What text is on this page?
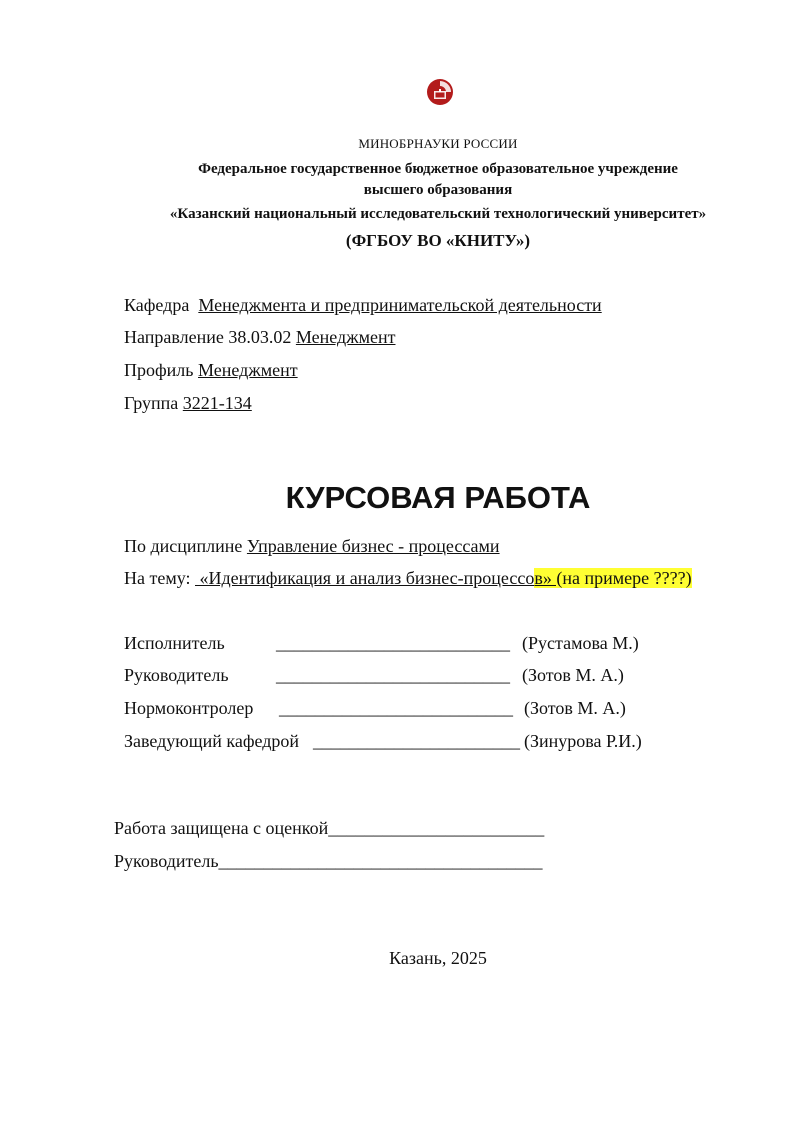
МИНОБРНАУКИ РОССИИ
Федеральное государственное бюджетное образовательное учреждение
высшего образования
«Казанский национальный исследовательский технологический университет»
(ФГБОУ ВО «КНИТУ»)
Кафедра Менеджмента и предпринимательской деятельности
Направление 38.03.02 Менеджмент
Профиль Менеджмент
Группа 3221-134
КУРСОВАЯ РАБОТА
По дисциплине Управление бизнес - процессами
На тему:  «Идентификация и анализ бизнес-процессов» (на примере ????)
Исполнитель	__________________________ (Рустамова М.)
Руководитель	__________________________ (Зотов М. А.)
Нормоконтролер __________________________ (Зотов М. А.)
Заведующий кафедрой _______________________ (Зинурова Р.И.)
Работа защищена с оценкой________________________
Руководитель____________________________________
Казань, 2025
